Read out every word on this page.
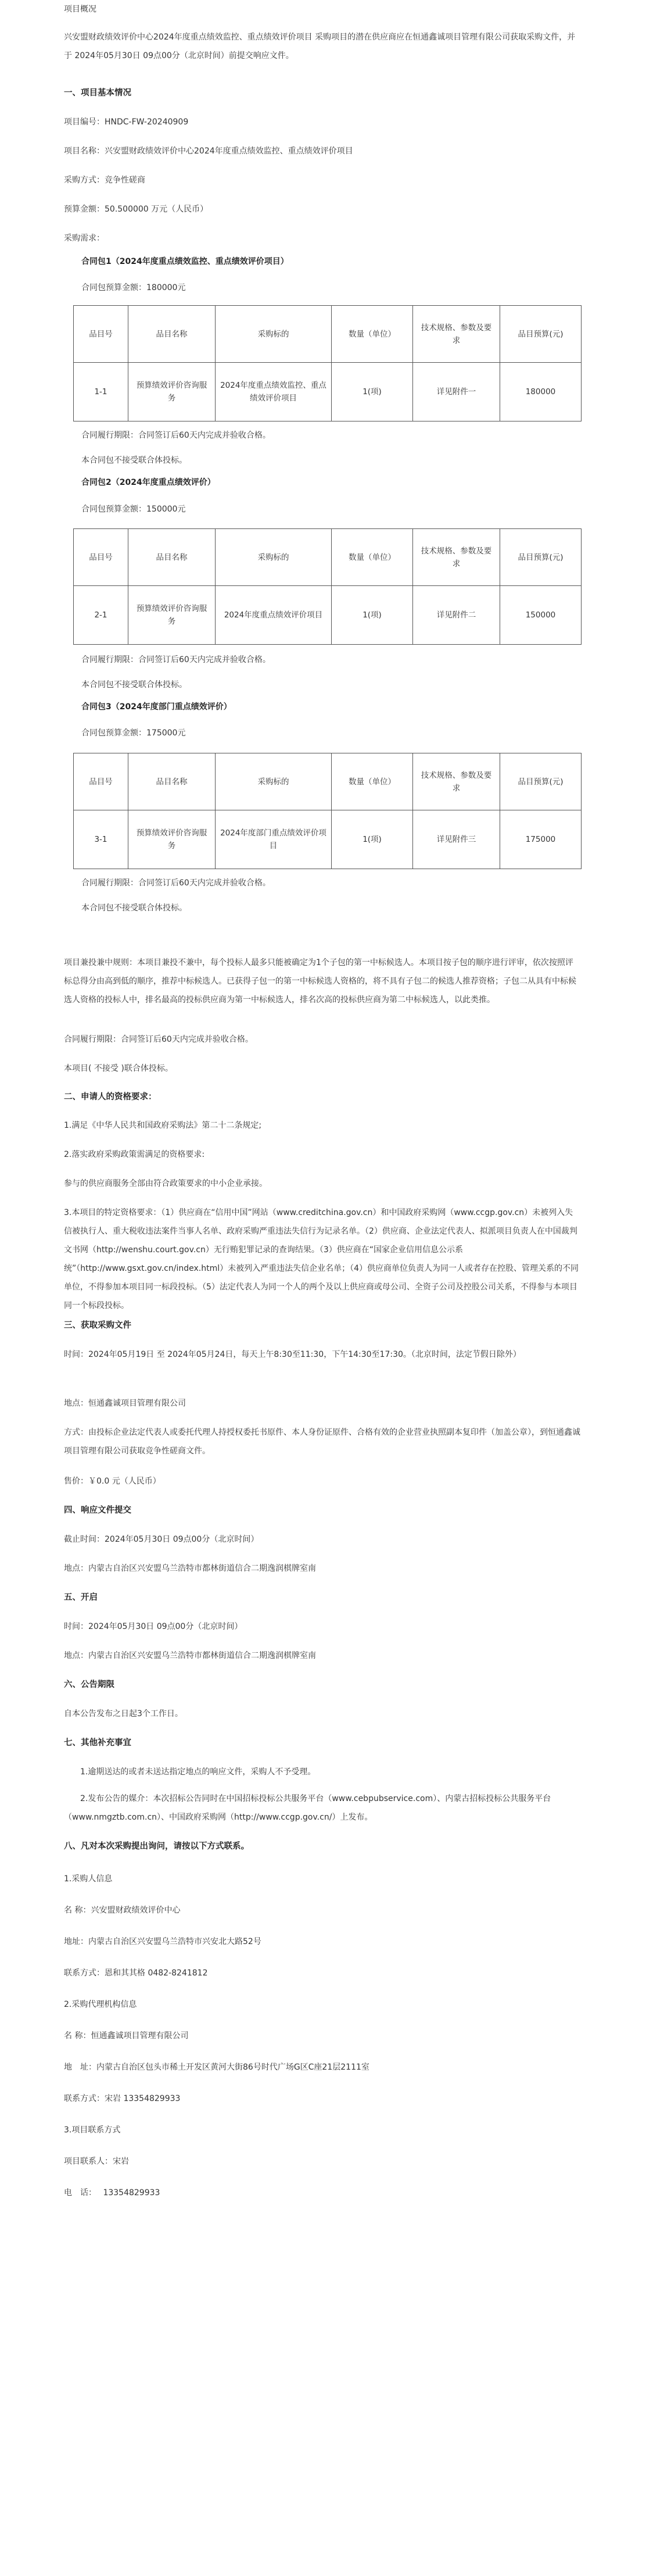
项目概况
兴安盟财政绩效评价中心2024年度重点绩效监控、重点绩效评价项目 采购项目的潜在供应商应在恒通鑫诚项目管理有限公司获取采购文件，并于 2024年05月30日 09点00分（北京时间）前提交响应文件。
一、项目基本情况
项目编号：HNDC-FW-20240909
项目名称：兴安盟财政绩效评价中心2024年度重点绩效监控、重点绩效评价项目
采购方式：竞争性磋商
预算金额：50.500000 万元（人民币）
采购需求：
合同包1（2024年度重点绩效监控、重点绩效评价项目）
合同包预算金额：180000元
品目号	品目名称	采购标的	数量（单位）	技术规格、参数及要求	品目预算(元)
1-1	预算绩效评价咨询服务	2024年度重点绩效监控、重点绩效评价项目	1(项)	详见附件一	180000
合同履行期限：合同签订后60天内完成并验收合格。
本合同包不接受联合体投标。
合同包2（2024年度重点绩效评价）
合同包预算金额：150000元
品目号	品目名称	采购标的	数量（单位）	技术规格、参数及要求	品目预算(元)
2-1	预算绩效评价咨询服务	2024年度重点绩效评价项目	1(项)	详见附件二	150000
合同履行期限：合同签订后60天内完成并验收合格。
本合同包不接受联合体投标。
合同包3（2024年度部门重点绩效评价）
合同包预算金额：175000元
品目号	品目名称	采购标的	数量（单位）	技术规格、参数及要求	品目预算(元)
3-1	预算绩效评价咨询服务	2024年度部门重点绩效评价项目	1(项)	详见附件三	175000
合同履行期限：合同签订后60天内完成并验收合格。
本合同包不接受联合体投标。
项目兼投兼中规则：本项目兼投不兼中，每个投标人最多只能被确定为1个子包的第一中标候选人。本项目按子包的顺序进行评审，依次按照评标总得分由高到低的顺序，推荐中标候选人。已获得子包一的第一中标候选人资格的，将不具有子包二的候选人推荐资格；子包二从具有中标候选人资格的投标人中，排名最高的投标供应商为第一中标候选人，排名次高的投标供应商为第二中标候选人，以此类推。
合同履行期限：合同签订后60天内完成并验收合格。
本项目( 不接受 )联合体投标。
二、申请人的资格要求：
1.满足《中华人民共和国政府采购法》第二十二条规定;
2.落实政府采购政策需满足的资格要求:
参与的供应商服务全部由符合政策要求的中小企业承接。
3.本项目的特定资格要求：（1）供应商在“信用中国”网站（www.creditchina.gov.cn）和中国政府采购网（www.ccgp.gov.cn）未被列入失信被执行人、重大税收违法案件当事人名单、政府采购严重违法失信行为记录名单。（2）供应商、企业法定代表人、拟派项目负责人在中国裁判文书网（http://wenshu.court.gov.cn）无行贿犯罪记录的查询结果。（3）供应商在“国家企业信用信息公示系统”（http://www.gsxt.gov.cn/index.html）未被列入严重违法失信企业名单；（4）供应商单位负责人为同一人或者存在控股、管理关系的不同单位，不得参加本项目同一标段投标。（5）法定代表人为同一个人的两个及以上供应商或母公司、全资子公司及控股公司关系，不得参与本项目同一个标段投标。
三、获取采购文件
时间：2024年05月19日 至 2024年05月24日，每天上午8:30至11:30，下午14:30至17:30。（北京时间，法定节假日除外）
地点：恒通鑫诚项目管理有限公司
方式：由投标企业法定代表人或委托代理人持授权委托书原件、本人身份证原件、合格有效的企业营业执照副本复印件（加盖公章），到恒通鑫诚项目管理有限公司获取竞争性磋商文件。
售价：￥0.0 元（人民币）
四、响应文件提交
截止时间：2024年05月30日 09点00分（北京时间）
地点：内蒙古自治区兴安盟乌兰浩特市都林街道信合二期逸润棋牌室南
五、开启
时间：2024年05月30日 09点00分（北京时间）
地点：内蒙古自治区兴安盟乌兰浩特市都林街道信合二期逸润棋牌室南
六、公告期限
自本公告发布之日起3个工作日。
七、其他补充事宜
1.逾期送达的或者未送达指定地点的响应文件，采购人不予受理。
2.发布公告的媒介：本次招标公告同时在中国招标投标公共服务平台（www.cebpubservice.com）、内蒙古招标投标公共服务平台（www.nmgztb.com.cn）、中国政府采购网（http://www.ccgp.gov.cn/）上发布。
八、凡对本次采购提出询问，请按以下方式联系。
1.采购人信息
名 称：兴安盟财政绩效评价中心
地址：内蒙古自治区兴安盟乌兰浩特市兴安北大路52号
联系方式：恩和其其格 0482-8241812
2.采购代理机构信息
名 称：恒通鑫诚项目管理有限公司
地　址：内蒙古自治区包头市稀土开发区黄河大街86号时代广场G区C座21层2111室
联系方式：宋岩 13354829933
3.项目联系方式
项目联系人：宋岩
电　话：　 13354829933
